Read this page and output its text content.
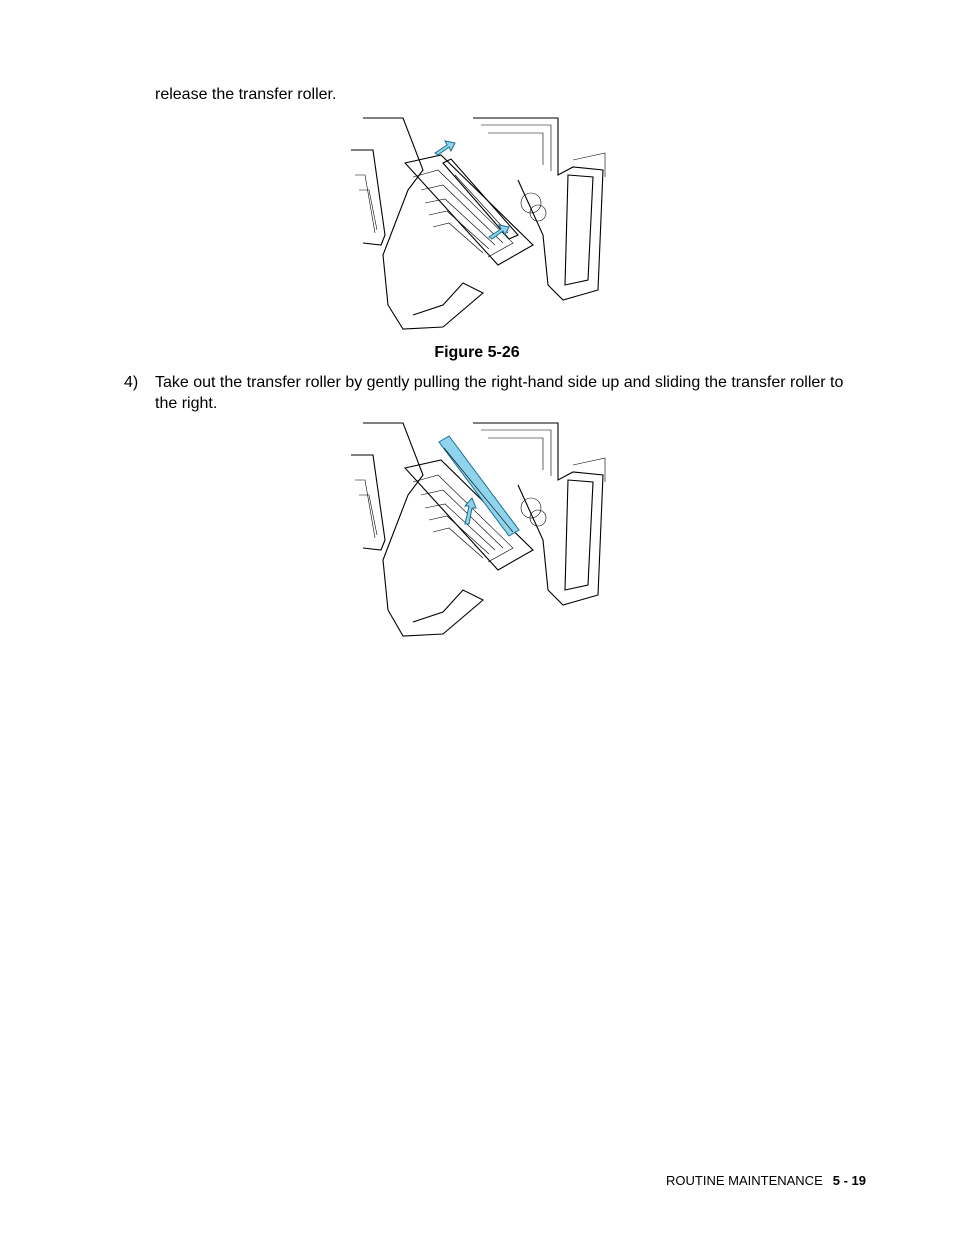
release the transfer roller.

Figure 5-26
4) Take out the transfer roller by gently pulling the right-hand side up and sliding the transfer roller to the right.

ROUTINE MAINTENANCE 5 - 19
